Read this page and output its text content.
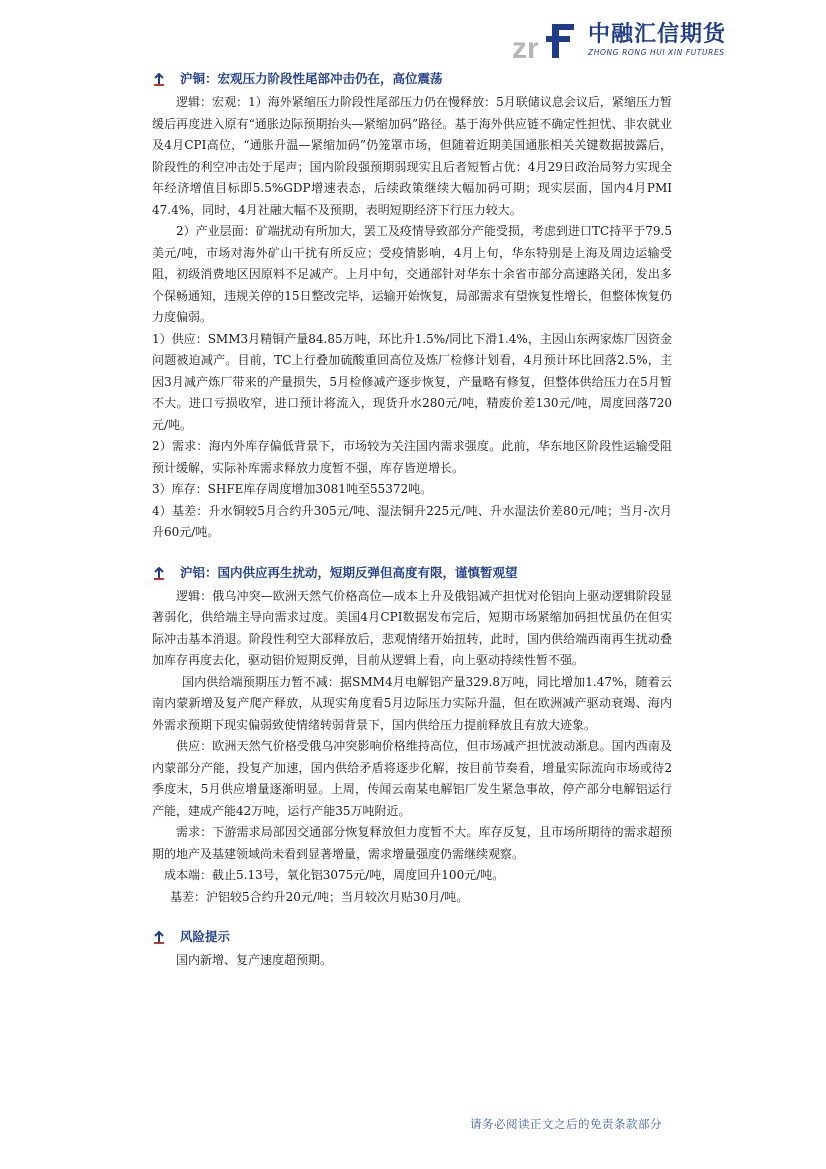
zr 中融汇信期货
ZHONG RONG HUI XIN FUTURES
沪铜：宏观压力阶段性尾部冲击仍在，高位震荡

逻辑：宏观：1）海外紧缩压力阶段性尾部压力仍在慢释放：5月联储议息会议后，紧缩压力暂缓后再度进入原有“通胀边际预期抬头—紧缩加码”路径。基于海外供应链不确定性担忧、非农就业及4月CPI高位，“通胀升温—紧缩加码”仍笼罩市场，但随着近期美国通胀相关关键数据披露后，阶段性的利空冲击处于尾声；国内阶段强预期弱现实且后者短暂占优：4月29日政治局努力实现全年经济增值目标即5.5%GDP增速表态，后续政策继续大幅加码可期；现实层面，国内4月PMI 47.4%，同时，4月社融大幅不及预期，表明短期经济下行压力较大。

2）产业层面：矿端扰动有所加大，罢工及疫情导致部分产能受损，考虑到进口TC持平于79.5美元/吨，市场对海外矿山干扰有所反应；受疫情影响，4月上旬，华东特别是上海及周边运输受阻，初级消费地区因原料不足减产。上月中旬，交通部针对华东十余省市部分高速路关闭，发出多个保畅通知，违规关停的15日整改完毕，运输开始恢复，局部需求有望恢复性增长，但整体恢复仍力度偏弱。

1）供应：SMM3月精铜产量84.85万吨，环比升1.5%/同比下滑1.4%，主因山东两家炼厂因资金问题被迫减产。目前，TC上行叠加硫酸重回高位及炼厂检修计划看，4月预计环比回落2.5%，主因3月减产炼厂带来的产量损失，5月检修减产逐步恢复，产量略有修复，但整体供给压力在5月暂不大。进口亏损收窄，进口预计将流入，现货升水280元/吨，精废价差130元/吨，周度回落720元/吨。

2）需求：海内外库存偏低背景下，市场较为关注国内需求强度。此前，华东地区阶段性运输受阻预计缓解，实际补库需求释放力度暂不强，库存皆逆增长。

3）库存：SHFE库存周度增加3081吨至55372吨。

4）基差：升水铜较5月合约升305元/吨、湿法铜升225元/吨、升水湿法价差80元/吨；当月-次月升60元/吨。

沪铝：国内供应再生扰动，短期反弹但高度有限，谨慎暂观望

逻辑：俄乌冲突—欧洲天然气价格高位—成本上升及俄铝减产担忧对伦铝向上驱动逻辑阶段显著弱化，供给端主导向需求过度。美国4月CPI数据发布完后，短期市场紧缩加码担忧虽仍在但实际冲击基本消退。阶段性利空大部释放后，悲观情绪开始扭转，此时，国内供给端西南再生扰动叠加库存再度去化，驱动铝价短期反弹，目前从逻辑上看，向上驱动持续性暂不强。

国内供给端预期压力暂不减：据SMM4月电解铝产量329.8万吨，同比增加1.47%，随着云南内蒙新增及复产爬产释放，从现实角度看5月边际压力实际升温，但在欧洲减产驱动衰竭、海内外需求预期下现实偏弱致使情绪转弱背景下，国内供给压力提前释放且有放大迹象。

供应：欧洲天然气价格受俄乌冲突影响价格维持高位，但市场减产担忧波动渐息。国内西南及内蒙部分产能，投复产加速，国内供给矛盾将逐步化解，按目前节奏看，增量实际流向市场或待2季度末，5月供应增量逐渐明显。上周，传闻云南某电解铝厂发生紧急事故，停产部分电解铝运行产能，建成产能42万吨，运行产能35万吨附近。

需求：下游需求局部因交通部分恢复释放但力度暂不大。库存反复，且市场所期待的需求超预期的地产及基建领域尚未看到显著增量，需求增量强度仍需继续观察。

成本端：截止5.13号，氧化铝3075元/吨，周度回升100元/吨。

基差：沪铝较5合约升20元/吨；当月较次月贴30月/吨。

风险提示

国内新增、复产速度超预期。

请务必阅读正文之后的免责条款部分
